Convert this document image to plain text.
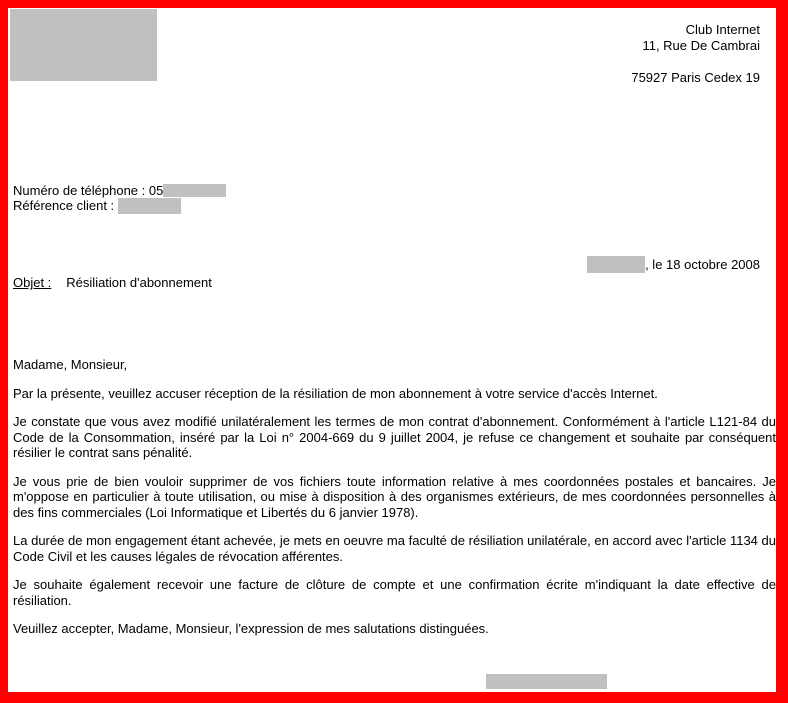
Club Internet
11, Rue De Cambrai
75927 Paris Cedex 19
Numéro de téléphone : 05
Référence client :
, le 18 octobre 2008
Objet : Résiliation d'abonnement

Madame, Monsieur,

Par la présente, veuillez accuser réception de la résiliation de mon abonnement à votre service d'accès Internet.

Je constate que vous avez modifié unilatéralement les termes de mon contrat d'abonnement. Conformément à l'article L121-84 du Code de la Consommation, inséré par la Loi n° 2004-669 du 9 juillet 2004, je refuse ce changement et souhaite par conséquent résilier le contrat sans pénalité.

Je vous prie de bien vouloir supprimer de vos fichiers toute information relative à mes coordonnées postales et bancaires. Je m'oppose en particulier à toute utilisation, ou mise à disposition à des organismes extérieurs, de mes coordonnées personnelles à des fins commerciales (Loi Informatique et Libertés du 6 janvier 1978).

La durée de mon engagement étant achevée, je mets en oeuvre ma faculté de résiliation unilatérale, en accord avec l'article 1134 du Code Civil et les causes légales de révocation afférentes.

Je souhaite également recevoir une facture de clôture de compte et une confirmation écrite m'indiquant la date effective de résiliation.

Veuillez accepter, Madame, Monsieur, l'expression de mes salutations distinguées.
